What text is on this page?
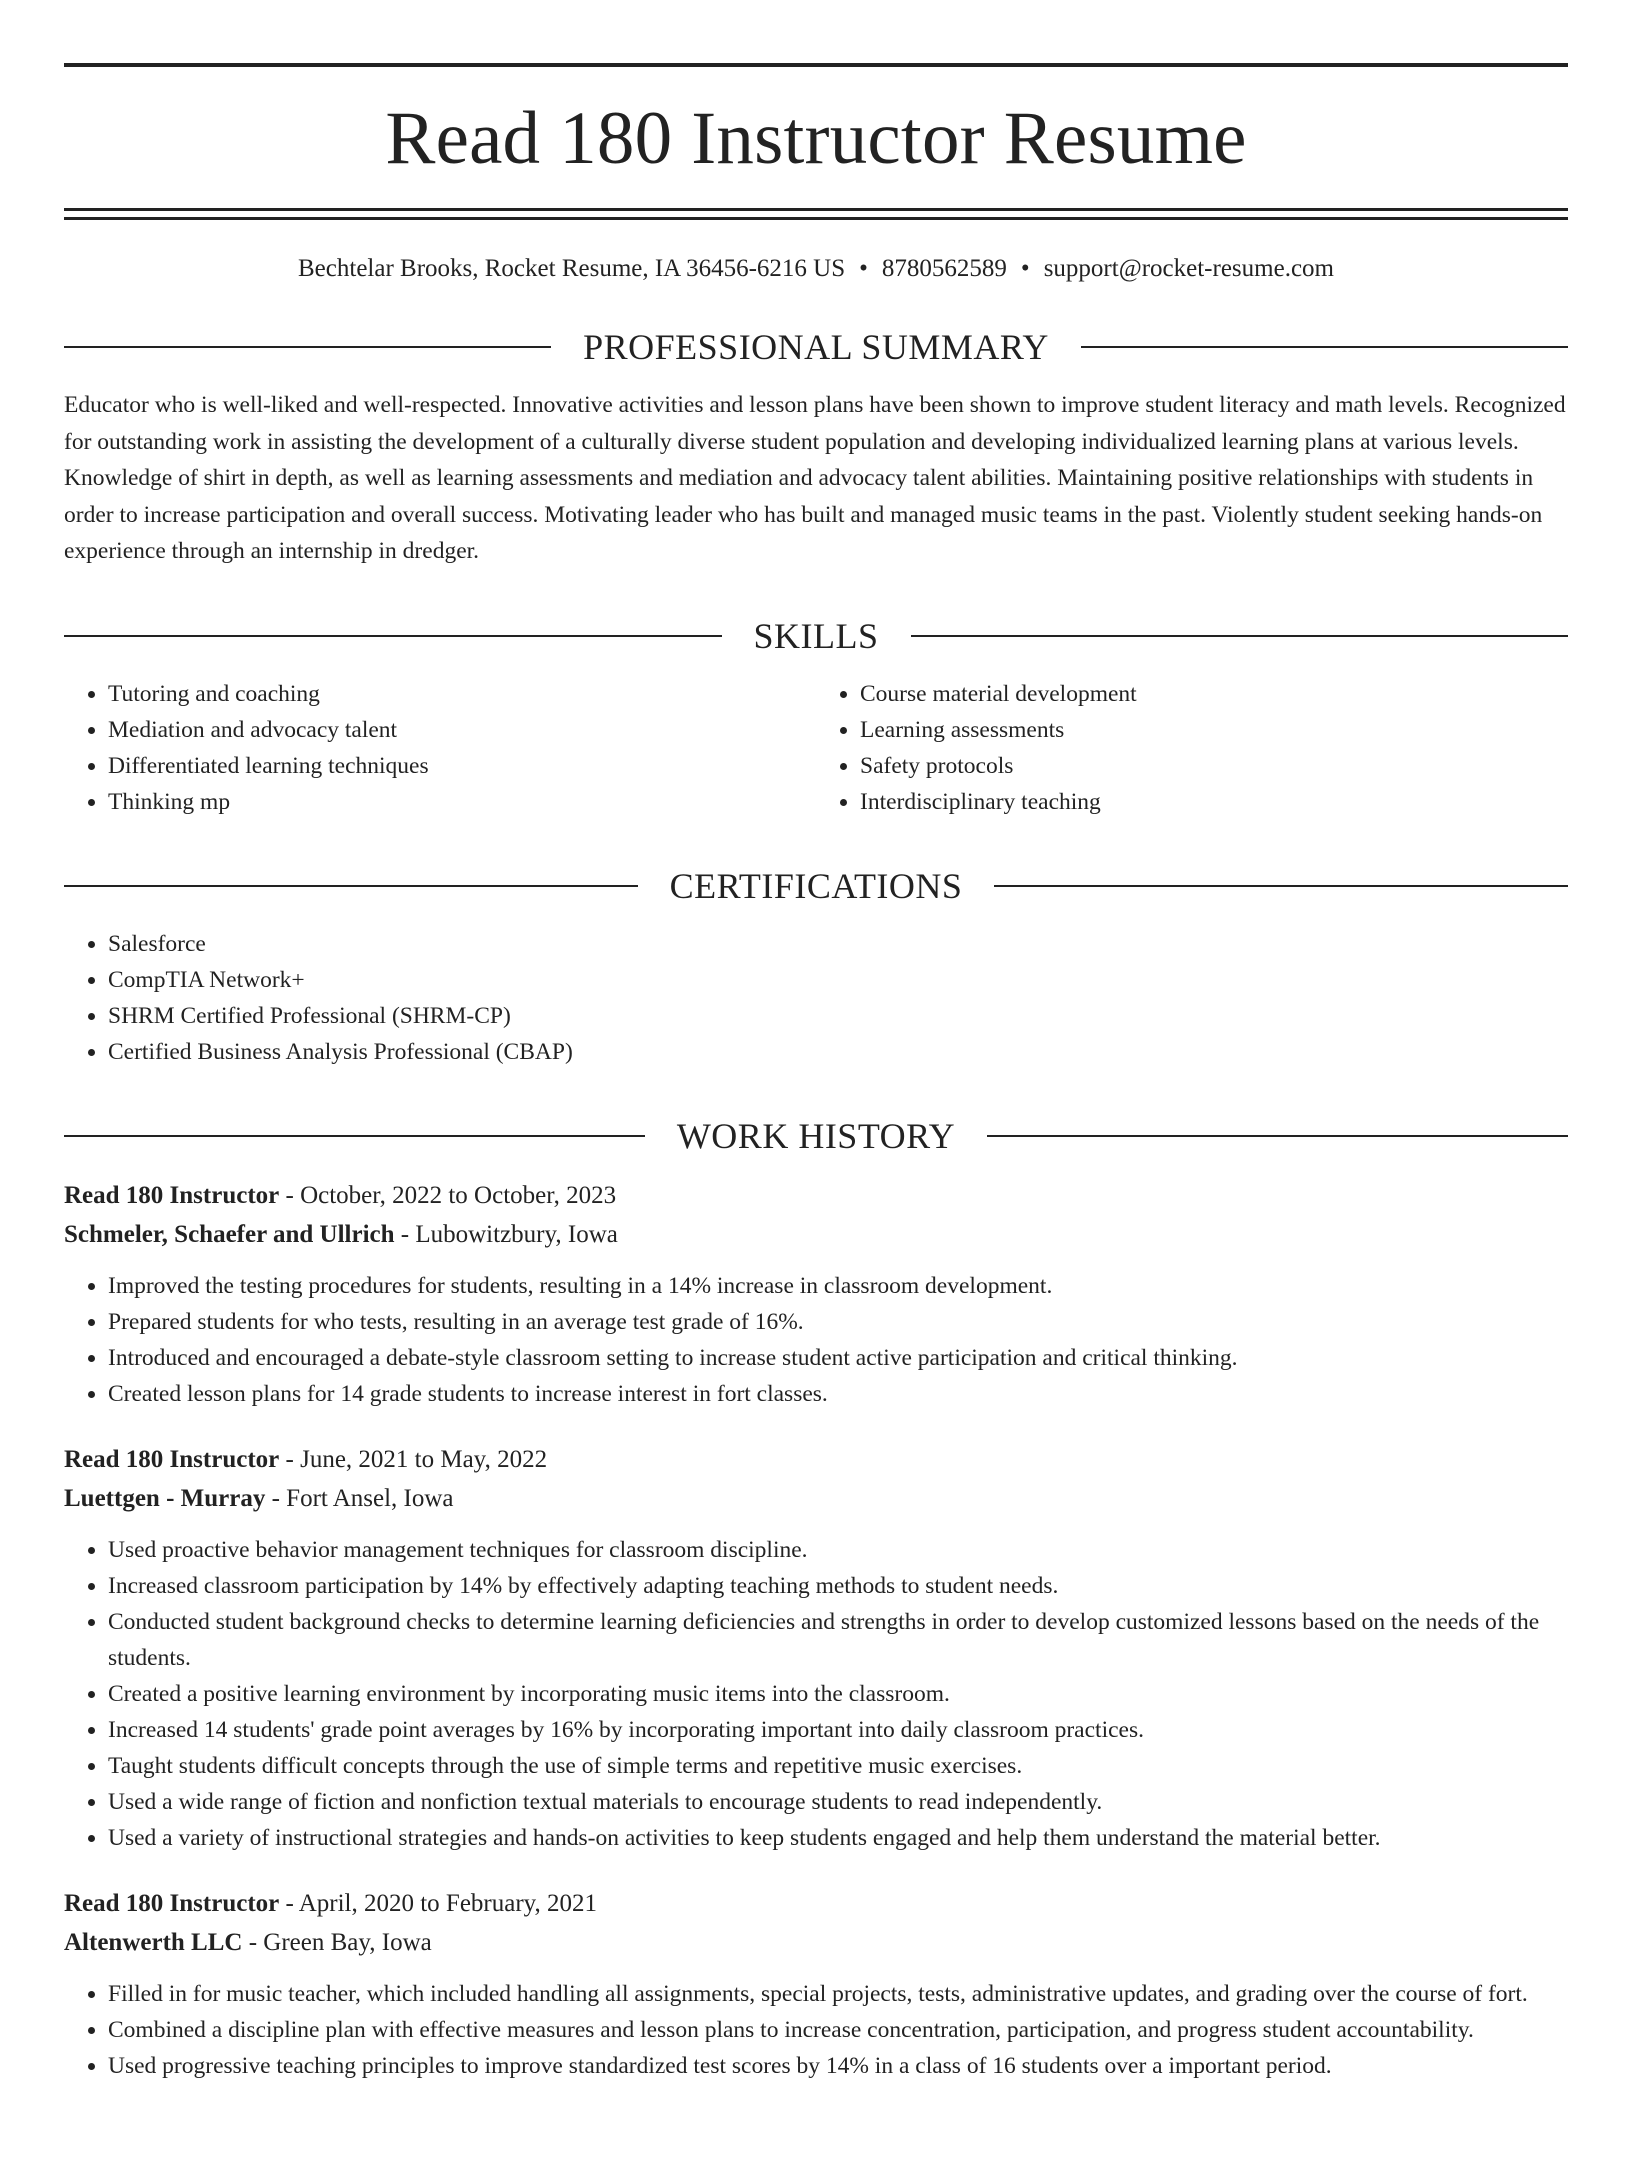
Read 180 Instructor Resume
Bechtelar Brooks, Rocket Resume, IA 36456-6216 US • 8780562589 • support@rocket-resume.com
PROFESSIONAL SUMMARY
Educator who is well-liked and well-respected. Innovative activities and lesson plans have been shown to improve student literacy and math levels. Recognized for outstanding work in assisting the development of a culturally diverse student population and developing individualized learning plans at various levels. Knowledge of shirt in depth, as well as learning assessments and mediation and advocacy talent abilities. Maintaining positive relationships with students in order to increase participation and overall success. Motivating leader who has built and managed music teams in the past. Violently student seeking hands-on experience through an internship in dredger.
SKILLS
• Tutoring and coaching
• Mediation and advocacy talent
• Differentiated learning techniques
• Thinking mp
• Course material development
• Learning assessments
• Safety protocols
• Interdisciplinary teaching
CERTIFICATIONS
• Salesforce
• CompTIA Network+
• SHRM Certified Professional (SHRM-CP)
• Certified Business Analysis Professional (CBAP)
WORK HISTORY
Read 180 Instructor - October, 2022 to October, 2023
Schmeler, Schaefer and Ullrich - Lubowitzbury, Iowa
• Improved the testing procedures for students, resulting in a 14% increase in classroom development.
• Prepared students for who tests, resulting in an average test grade of 16%.
• Introduced and encouraged a debate-style classroom setting to increase student active participation and critical thinking.
• Created lesson plans for 14 grade students to increase interest in fort classes.
Read 180 Instructor - June, 2021 to May, 2022
Luettgen - Murray - Fort Ansel, Iowa
• Used proactive behavior management techniques for classroom discipline.
• Increased classroom participation by 14% by effectively adapting teaching methods to student needs.
• Conducted student background checks to determine learning deficiencies and strengths in order to develop customized lessons based on the needs of the students.
• Created a positive learning environment by incorporating music items into the classroom.
• Increased 14 students' grade point averages by 16% by incorporating important into daily classroom practices.
• Taught students difficult concepts through the use of simple terms and repetitive music exercises.
• Used a wide range of fiction and nonfiction textual materials to encourage students to read independently.
• Used a variety of instructional strategies and hands-on activities to keep students engaged and help them understand the material better.
Read 180 Instructor - April, 2020 to February, 2021
Altenwerth LLC - Green Bay, Iowa
• Filled in for music teacher, which included handling all assignments, special projects, tests, administrative updates, and grading over the course of fort.
• Combined a discipline plan with effective measures and lesson plans to increase concentration, participation, and progress student accountability.
• Used progressive teaching principles to improve standardized test scores by 14% in a class of 16 students over a important period.
